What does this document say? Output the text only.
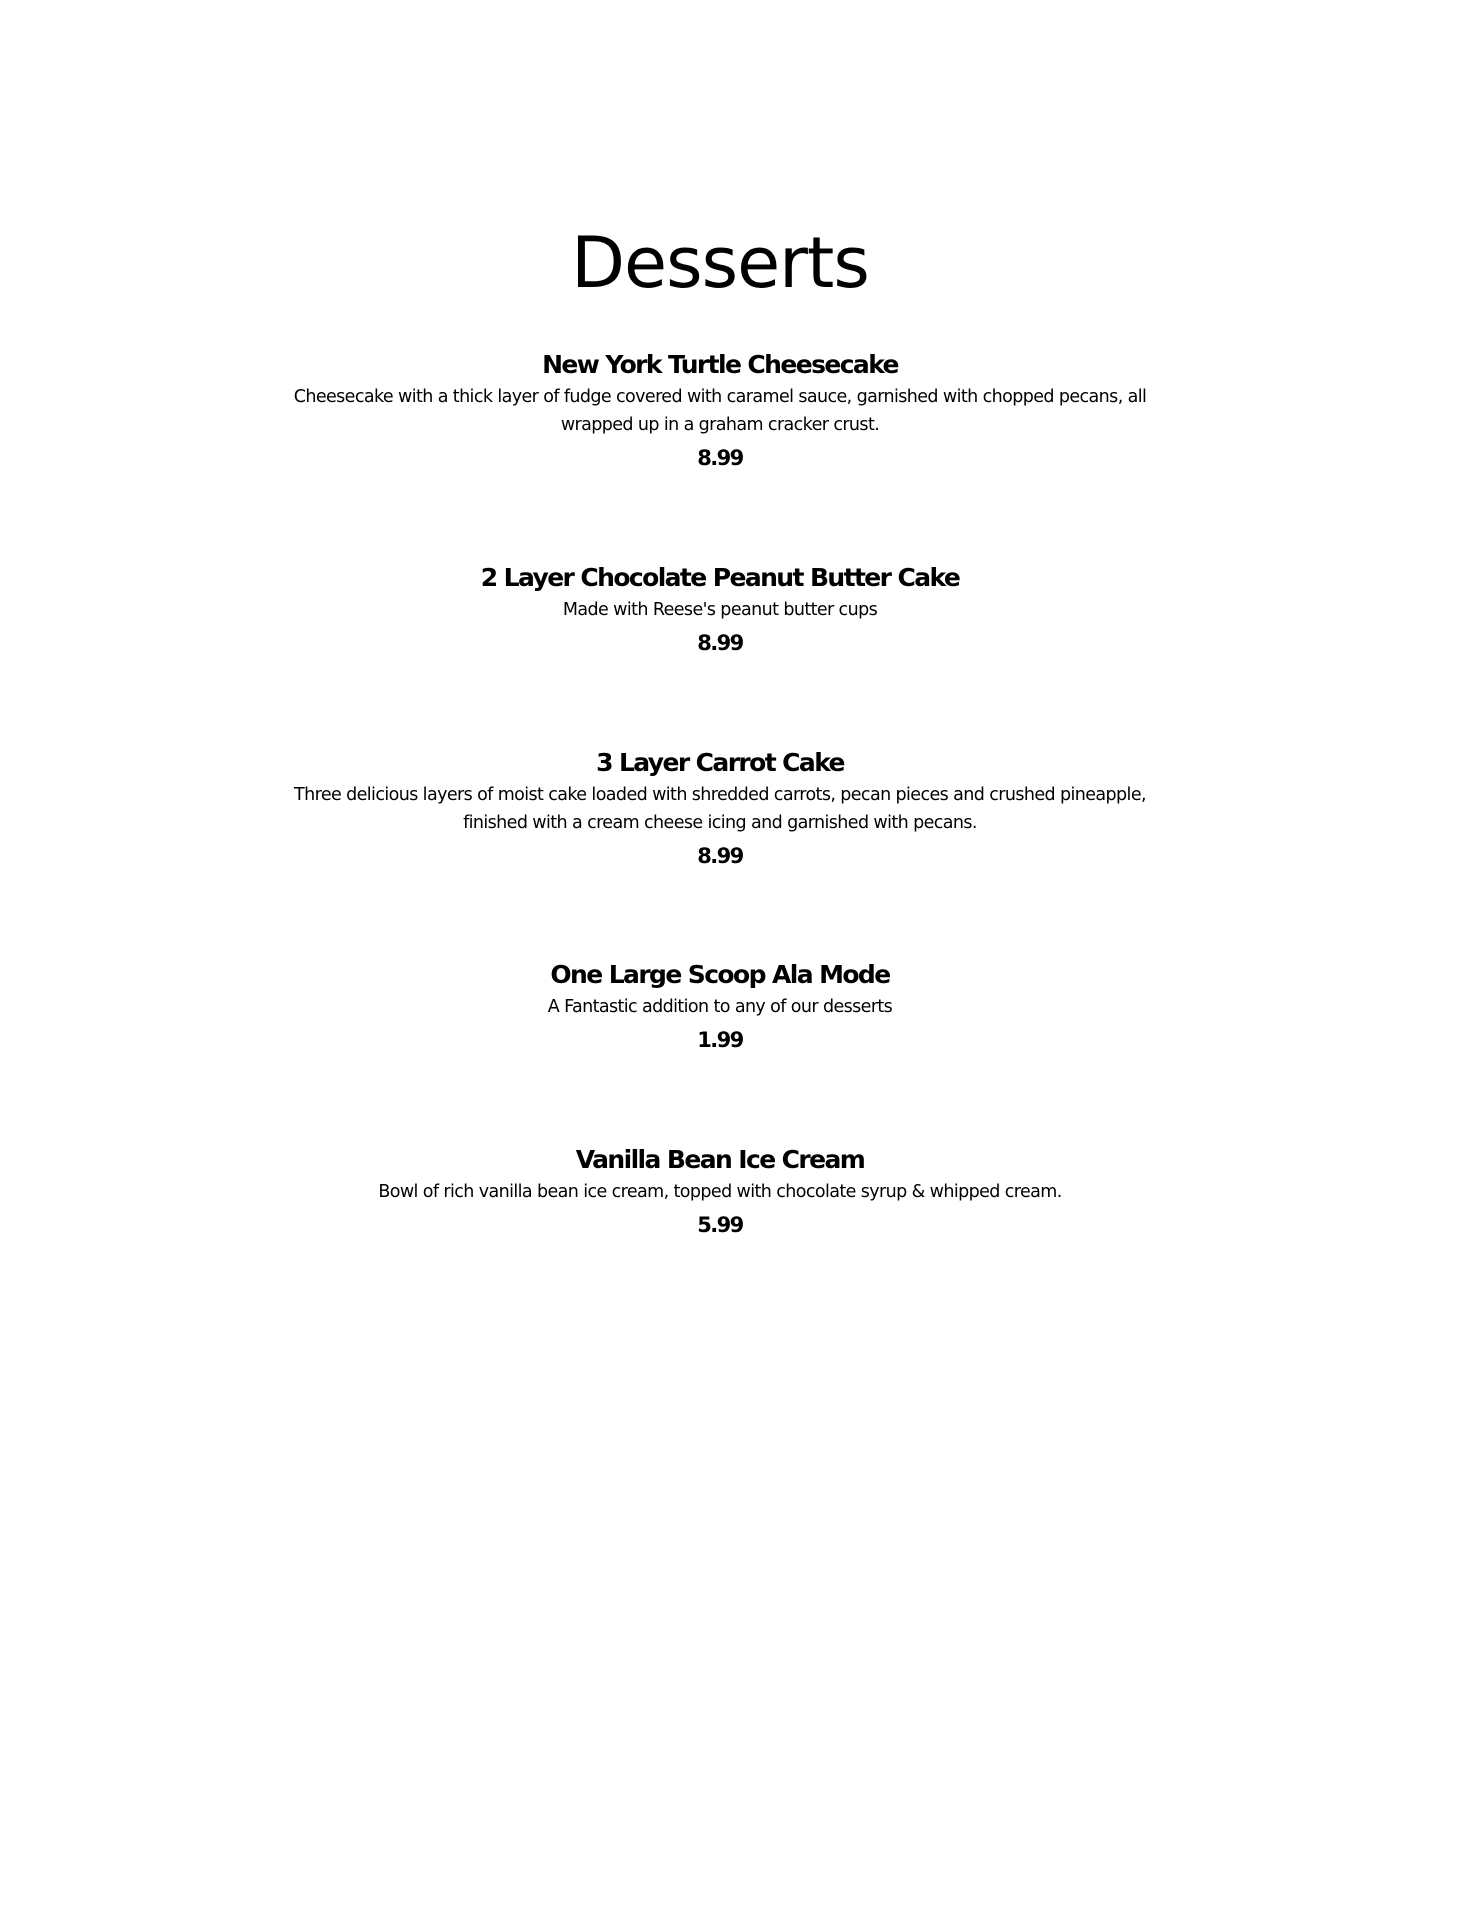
Desserts
New York Turtle Cheesecake
Cheesecake with a thick layer of fudge covered with caramel sauce, garnished with chopped pecans, all wrapped up in a graham cracker crust.
8.99
2 Layer Chocolate Peanut Butter Cake
Made with Reese's peanut butter cups
8.99
3 Layer Carrot Cake
Three delicious layers of moist cake loaded with shredded carrots, pecan pieces and crushed pineapple, finished with a cream cheese icing and garnished with pecans.
8.99
One Large Scoop Ala Mode
A Fantastic addition to any of our desserts
1.99
Vanilla Bean Ice Cream
Bowl of rich vanilla bean ice cream, topped with chocolate syrup & whipped cream.
5.99
